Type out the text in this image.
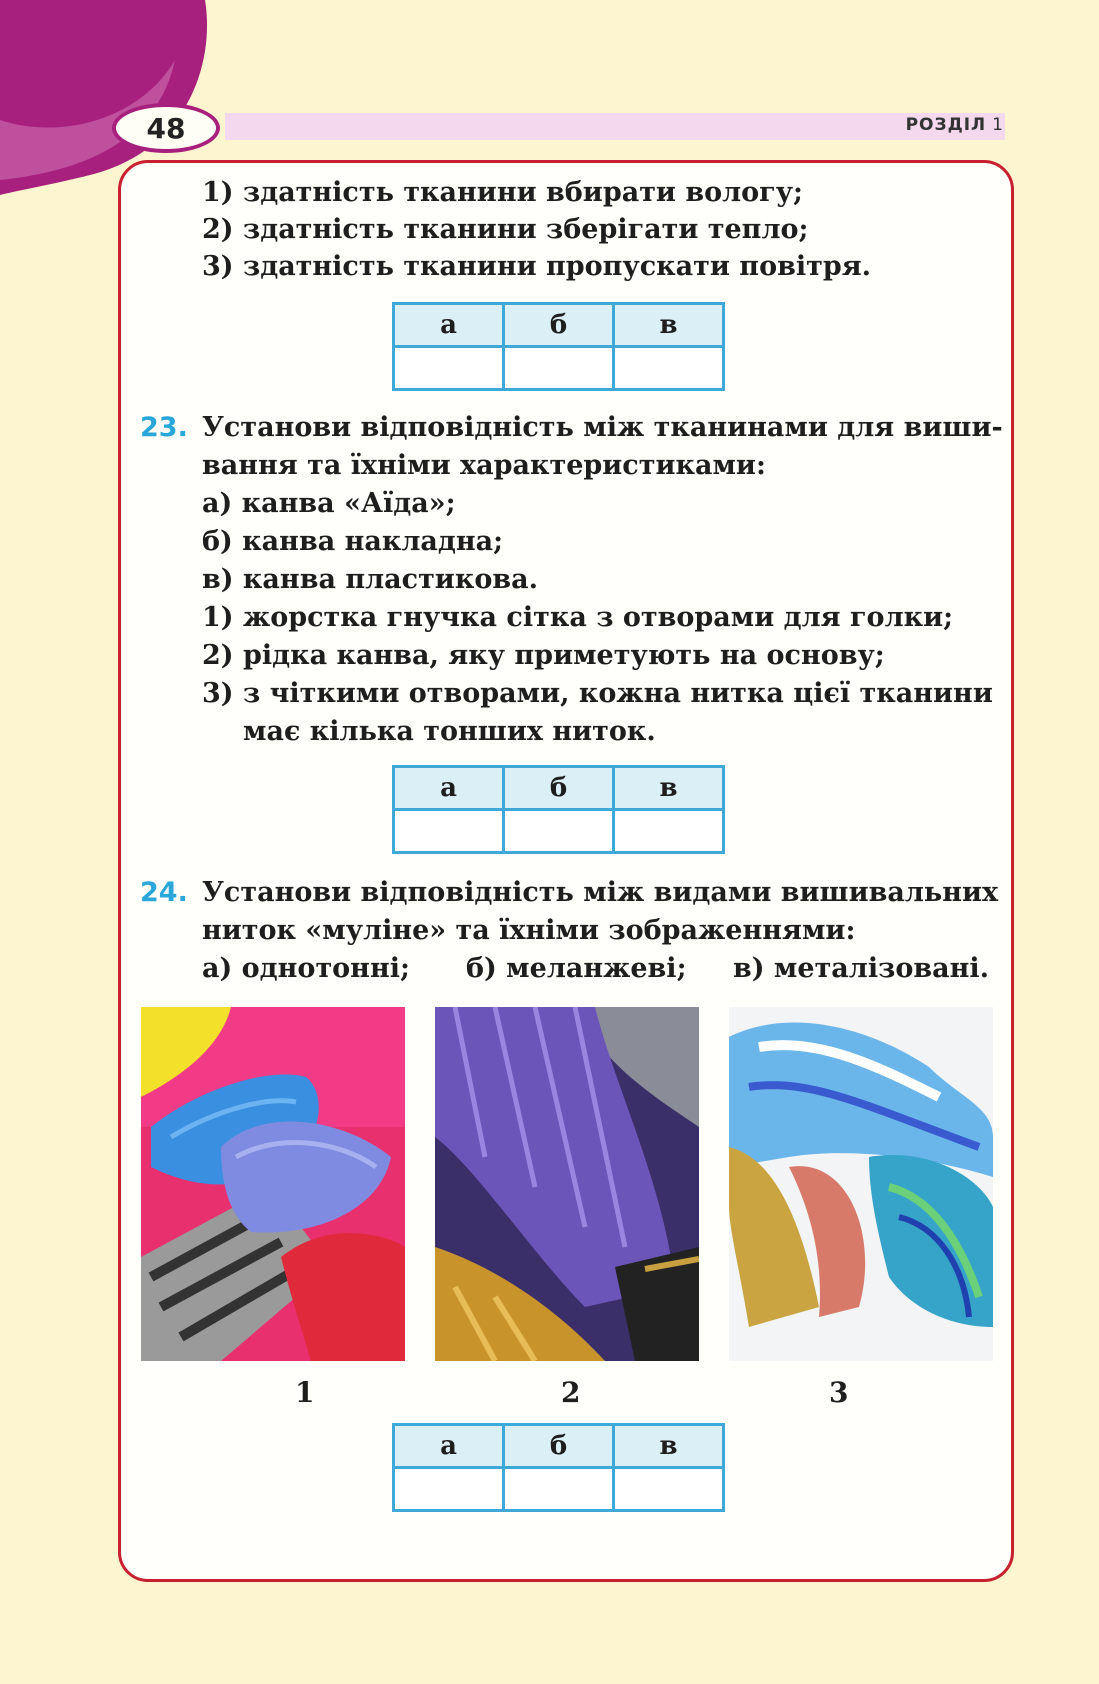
48	РОЗДІЛ 1
1) здатність тканини вбирати вологу;
2) здатність тканини зберігати тепло;
3) здатність тканини пропускати повітря.
а	б	в

23. Установи відповідність між тканинами для виши-
вання та їхніми характеристиками:
а) канва «Аїда»;
б) канва накладна;
в) канва пластикова.
1) жорстка гнучка сітка з отворами для голки;
2) рідка канва, яку приметують на основу;
3) з чіткими отворами, кожна нитка цієї тканини
має кілька тонших ниток.
а	б	в

24. Установи відповідність між видами вишивальних
ниток «муліне» та їхніми зображеннями:
а) однотонні; б) меланжеві; в) металізовані.
1	2	3
а	б	в
